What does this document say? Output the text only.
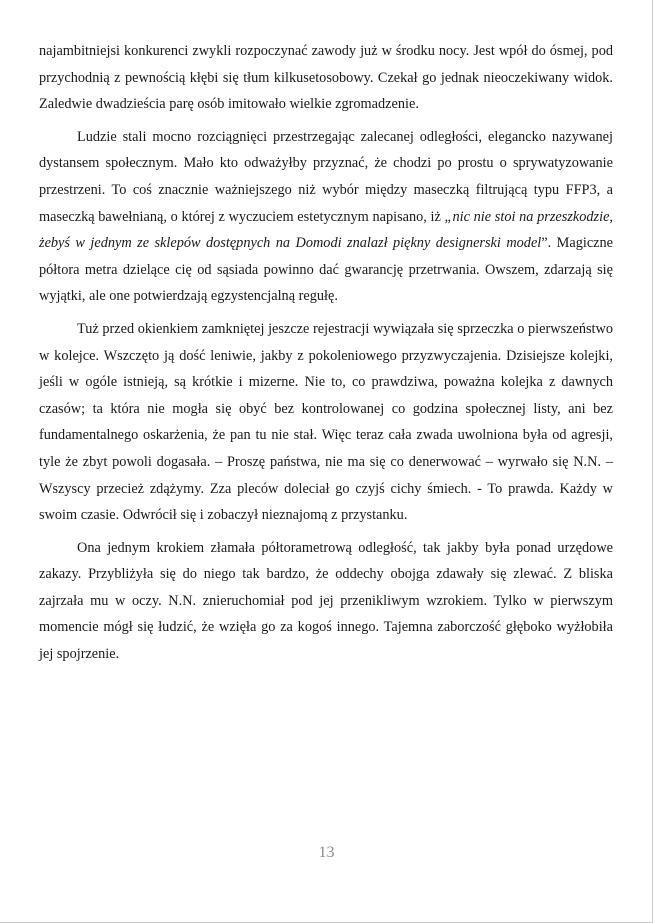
najambitniejsi konkurenci zwykli rozpoczynać zawody już w środku nocy. Jest wpół do ósmej, pod przychodnią z pewnością kłębi się tłum kilkusetosobowy. Czekał go jednak nieoczekiwany widok. Zaledwie dwadzieścia parę osób imitowało wielkie zgromadzenie.

Ludzie stali mocno rozciągnięci przestrzegając zalecanej odległości, elegancko nazywanej dystansem społecznym. Mało kto odważyłby przyznać, że chodzi po prostu o sprywatyzowanie przestrzeni. To coś znacznie ważniejszego niż wybór między maseczką filtrującą typu FFP3, a maseczką bawełnianą, o której z wyczuciem estetycznym napisano, iż „nic nie stoi na przeszkodzie, żebyś w jednym ze sklepów dostępnych na Domodi znalazł piękny designerski model”. Magiczne półtora metra dzielące cię od sąsiada powinno dać gwarancję przetrwania. Owszem, zdarzają się wyjątki, ale one potwierdzają egzystencjalną regułę.

Tuż przed okienkiem zamkniętej jeszcze rejestracji wywiązała się sprzeczka o pierwszeństwo w kolejce. Wszczęto ją dość leniwie, jakby z pokoleniowego przyzwyczajenia. Dzisiejsze kolejki, jeśli w ogóle istnieją, są krótkie i mizerne. Nie to, co prawdziwa, poważna kolejka z dawnych czasów; ta która nie mogła się obyć bez kontrolowanej co godzina społecznej listy, ani bez fundamentalnego oskarżenia, że pan tu nie stał. Więc teraz cała zwada uwolniona była od agresji, tyle że zbyt powoli dogasała. – Proszę państwa, nie ma się co denerwować – wyrwało się N.N. – Wszyscy przecież zdążymy. Zza pleców doleciał go czyjś cichy śmiech. - To prawda. Każdy w swoim czasie. Odwrócił się i zobaczył nieznajomą z przystanku.

Ona jednym krokiem złamała półtorametrową odległość, tak jakby była ponad urzędowe zakazy. Przybliżyła się do niego tak bardzo, że oddechy obojga zdawały się zlewać. Z bliska zajrzała mu w oczy. N.N. znieruchomiał pod jej przenikliwym wzrokiem. Tylko w pierwszym momencie mógł się łudzić, że wzięła go za kogoś innego. Tajemna zaborczość głęboko wyżłobiła jej spojrzenie.

13
